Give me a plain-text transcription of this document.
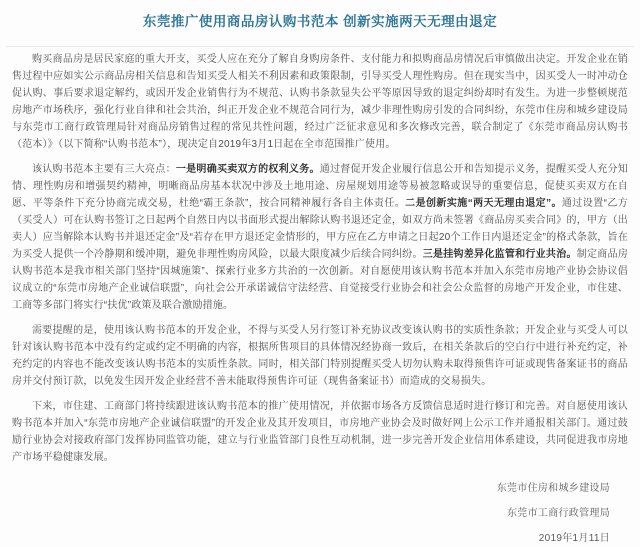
东莞推广使用商品房认购书范本 创新实施两天无理由退定

购买商品房是居民家庭的重大开支，买受人应在充分了解自身购房条件、支付能力和拟购商品房情况后审慎做出决定。开发企业在销售过程中应如实公示商品房相关信息和告知买受人相关不利因素和政策限制，引导买受人理性购房。但在现实当中，因买受人一时冲动仓促认购、事后要求退定解约，或因开发企业销售行为不规范、认购书条款显失公平等原因导致的退定纠纷却时有发生。为进一步整顿规范房地产市场秩序，强化行业自律和社会共治，纠正开发企业不规范合同行为，减少非理性购房引发的合同纠纷，东莞市住房和城乡建设局与东莞市工商行政管理局针对商品房销售过程的常见共性问题，经过广泛征求意见和多次修改完善，联合制定了《东莞市商品房认购书（范本）》（以下简称“认购书范本”），现决定自2019年3月1日起在全市范围推广使用。

该认购书范本主要有三大亮点：一是明确买卖双方的权利义务。通过督促开发企业履行信息公开和告知提示义务，提醒买受人充分知情、理性购房和增强契约精神，明晰商品房基本状况中涉及土地用途、房屋规划用途等易被忽略或误导的重要信息，促使买卖双方在自愿、平等条件下充分协商完成交易，杜绝“霸王条款”，按合同精神履行各自主体责任。二是创新实施“两天无理由退定”。通过设置“乙方（买受人）可在认购书签订之日起两个自然日内以书面形式提出解除认购书退还定金，如双方尚未签署《商品房买卖合同》的，甲方（出卖人）应当解除本认购书并退还定金”及“若存在甲方退还定金情形的，甲方应在乙方申请之日起20个工作日内退还定金”的格式条款，旨在为买受人提供一个冷静期和缓冲期，避免非理性购房风险，以最大限度减少后续合同纠纷。三是挂钩差异化监管和行业共治。制定商品房认购书范本是我市相关部门坚持“因城施策”、探索行业多方共治的一次创新。对自愿使用该认购书范本并加入东莞市房地产业协会协议倡议成立的“东莞市房地产企业诚信联盟”，向社会公开承诺诚信守法经营、自觉接受行业协会和社会公众监督的房地产开发企业，市住建、工商等多部门将实行“扶优”政策及联合激励措施。

需要提醒的是，使用该认购书范本的开发企业，不得与买受人另行签订补充协议改变该认购书的实质性条款；开发企业与买受人可以针对该认购书范本中没有约定或约定不明确的内容，根据所售项目的具体情况经协商一致后，在相关条款后的空白行中进行补充约定，补充约定的内容也不能改变该认购书范本的实质性条款。同时，相关部门特别提醒买受人切勿认购未取得预售许可证或现售备案证书的商品房并交付预订款，以免发生因开发企业经营不善未能取得预售许可证（现售备案证书）而造成的交易损失。

下来，市住建、工商部门将持续跟进该认购书范本的推广使用情况，并依据市场各方反馈信息适时进行修订和完善。对自愿使用该认购书范本并加入“东莞市房地产企业诚信联盟”的开发企业及其开发项目，市房地产业协会及时做好网上公示工作并通报相关部门。通过鼓励行业协会对接政府部门发挥协同监管功能，建立与行业监管部门良性互动机制，进一步完善开发企业信用体系建设，共同促进我市房地产市场平稳健康发展。

东莞市住房和城乡建设局
东莞市工商行政管理局
2019年1月11日
